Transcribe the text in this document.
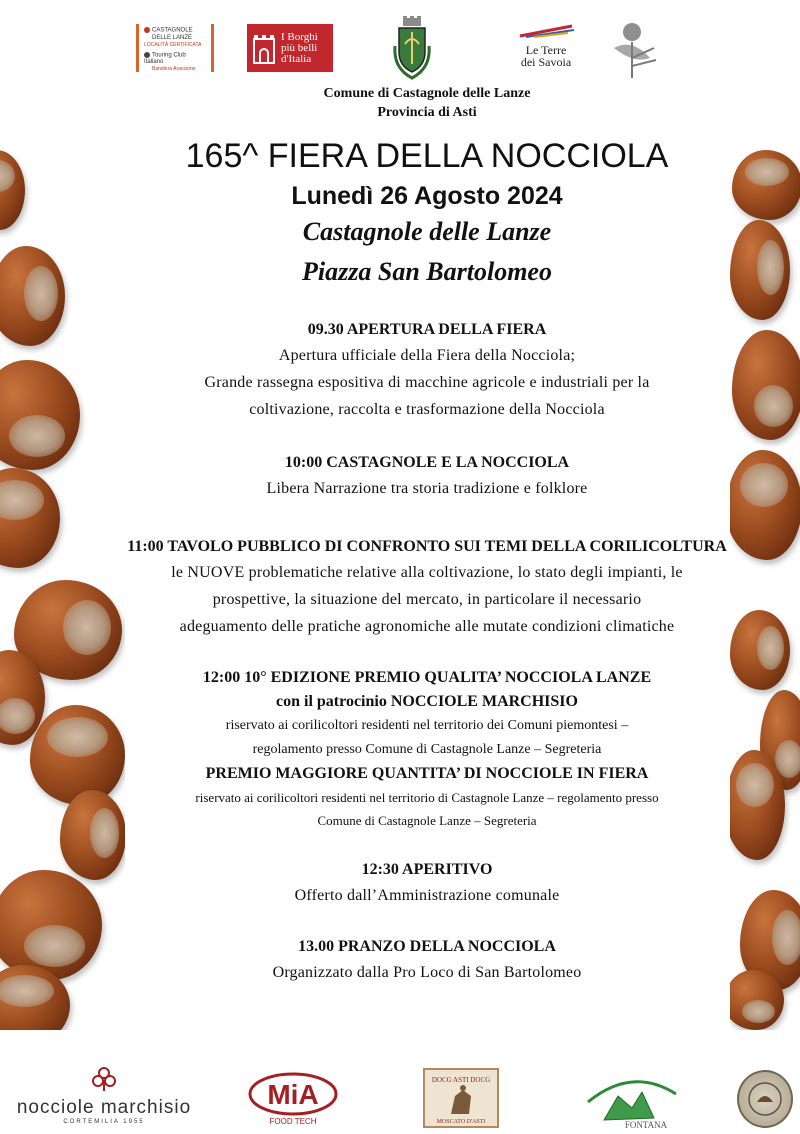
CASTAGNOLE
DELLE LANZE
LOCALITÀ CERTIFICATA
Touring Club Italiano
Bandiera Arancione
I Borghi
più belli
d'Italia
Le Terre
dei Savoia
Comune di Castagnole delle Lanze
Provincia di Asti
165^ FIERA DELLA NOCCIOLA
Lunedì 26 Agosto 2024
Castagnole delle Lanze
Piazza San Bartolomeo
09.30 APERTURA DELLA FIERA
Apertura ufficiale della Fiera della Nocciola;
Grande rassegna espositiva di macchine agricole e industriali per la
coltivazione, raccolta e trasformazione della Nocciola
10:00 CASTAGNOLE E LA NOCCIOLA
Libera Narrazione tra storia tradizione e folklore
11:00 TAVOLO PUBBLICO DI CONFRONTO SUI TEMI DELLA CORILICOLTURA
le NUOVE problematiche relative alla coltivazione, lo stato degli impianti, le
prospettive, la situazione del mercato, in particolare il necessario
adeguamento delle pratiche agronomiche alle mutate condizioni climatiche
12:00 10° EDIZIONE PREMIO QUALITA’ NOCCIOLA LANZE
con il patrocinio NOCCIOLE MARCHISIO
riservato ai corilicoltori residenti nel territorio dei Comuni piemontesi –
regolamento presso Comune di Castagnole Lanze – Segreteria
PREMIO MAGGIORE QUANTITA’ DI NOCCIOLE IN FIERA
riservato ai corilicoltori residenti nel territorio di Castagnole Lanze – regolamento presso
Comune di Castagnole Lanze – Segreteria
12:30 APERITIVO
Offerto dall’Amministrazione comunale
13.00 PRANZO DELLA NOCCIOLA
Organizzato dalla Pro Loco di San Bartolomeo
nocciole marchisio
CORTEMILIA 1955
MiA
FOOD TECH
DOCG ASTI DOCG
MOSCATO D'ASTI	FONTANA
